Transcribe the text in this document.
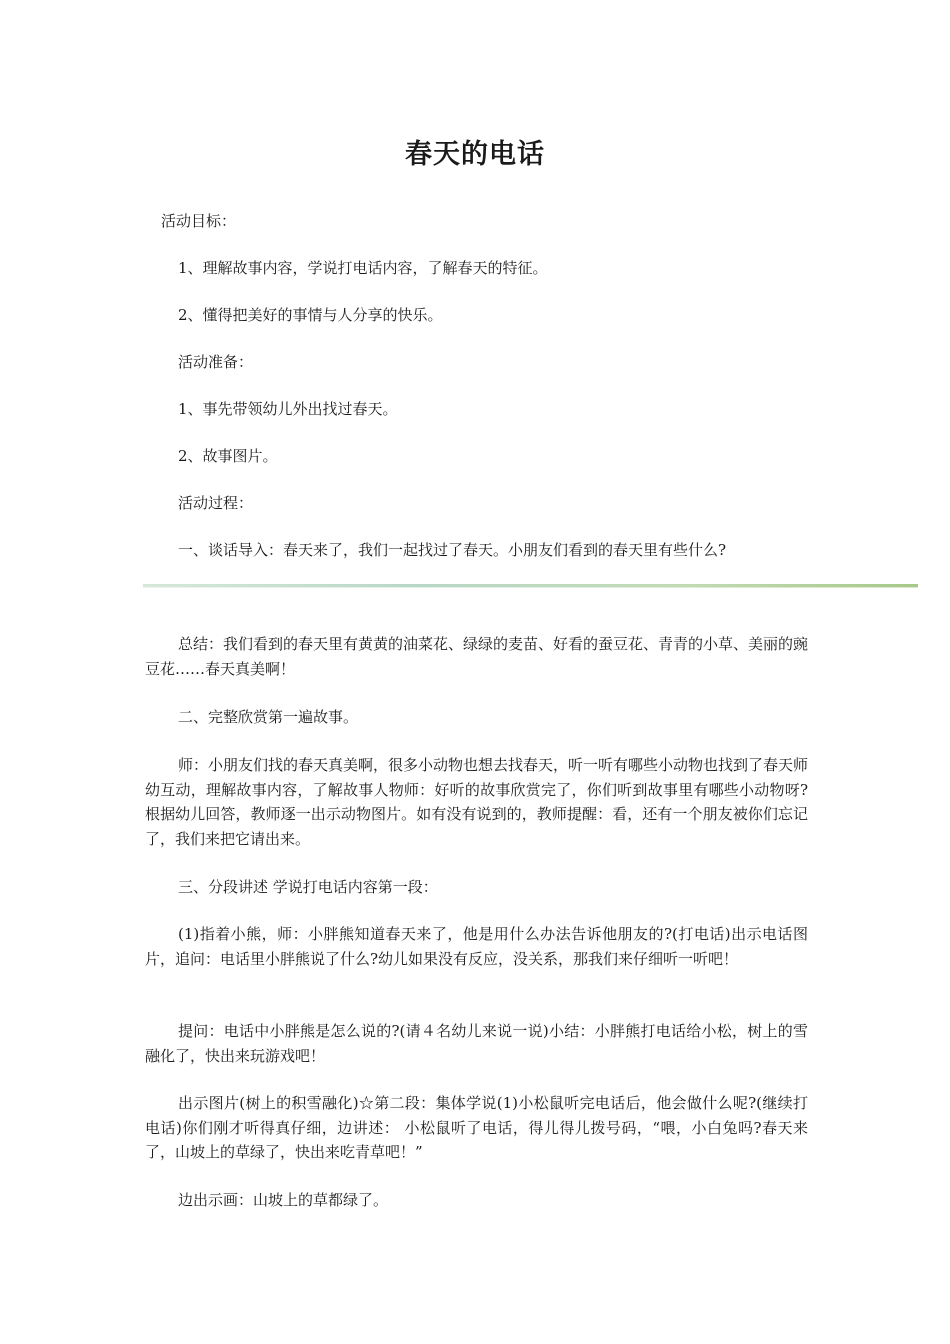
春天的电话

活动目标：

1、理解故事内容，学说打电话内容，了解春天的特征。

2、懂得把美好的事情与人分享的快乐。

活动准备：

1、事先带领幼儿外出找过春天。

2、故事图片。

活动过程：

一、谈话导入：春天来了，我们一起找过了春天。小朋友们看到的春天里有些什么?

总结：我们看到的春天里有黄黄的油菜花、绿绿的麦苗、好看的蚕豆花、青青的小草、美丽的豌豆花……春天真美啊！

二、完整欣赏第一遍故事。

师：小朋友们找的春天真美啊，很多小动物也想去找春天，听一听有哪些小动物也找到了春天师幼互动，理解故事内容，了解故事人物师：好听的故事欣赏完了，你们听到故事里有哪些小动物呀? 根据幼儿回答，教师逐一出示动物图片。如有没有说到的，教师提醒：看，还有一个朋友被你们忘记了，我们来把它请出来。

三、分段讲述 学说打电话内容第一段：

(1)指着小熊，师：小胖熊知道春天来了，他是用什么办法告诉他朋友的?(打电话)出示电话图片，追问：电话里小胖熊说了什么?幼儿如果没有反应，没关系，那我们来仔细听一听吧！

提问：电话中小胖熊是怎么说的?(请４名幼儿来说一说)小结：小胖熊打电话给小松，树上的雪融化了，快出来玩游戏吧！

出示图片(树上的积雪融化)☆第二段：集体学说(1)小松鼠听完电话后，他会做什么呢?(继续打电话)你们刚才听得真仔细，边讲述： 小松鼠听了电话，得儿得儿拨号码，“喂，小白兔吗?春天来了，山坡上的草绿了，快出来吃青草吧！”

边出示画：山坡上的草都绿了。
